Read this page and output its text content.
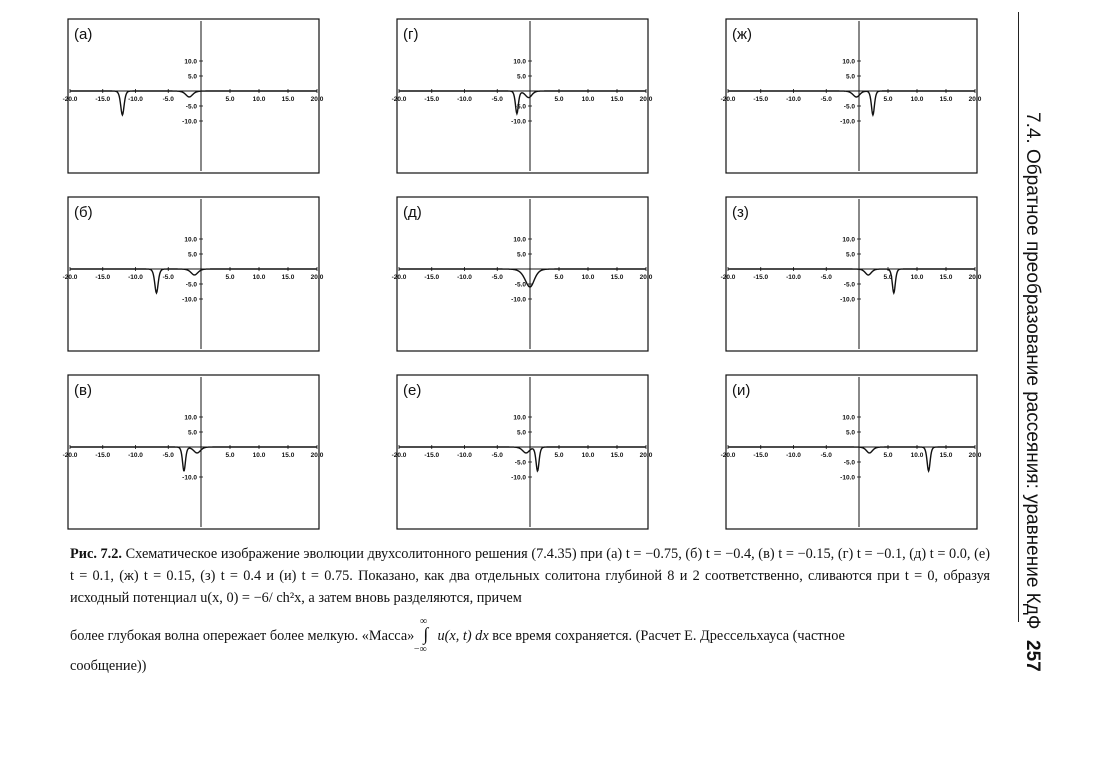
(а)
-20.0	-15.0	-10.0	-5.0	5.0	10.0	15.0	20.0
10.0
5.0
-5.0
-10.0
(г)
-20.0	-15.0	-10.0	-5.0	5.0	10.0	15.0	20.0
10.0
5.0
-5.0
-10.0
(ж)
-20.0	-15.0	-10.0	-5.0	5.0	10.0	15.0	20.0
10.0
5.0
-5.0
-10.0
(б)
-20.0	-15.0	-10.0	-5.0	5.0	10.0	15.0	20.0
10.0
5.0
-5.0
-10.0
(д)
-20.0	-15.0	-10.0	-5.0	5.0	10.0	15.0	20.0
10.0
5.0
-5.0
-10.0
(з)
-20.0	-15.0	-10.0	-5.0	5.0	10.0	15.0	20.0
10.0
5.0
-5.0
-10.0
(в)
-20.0	-15.0	-10.0	-5.0	5.0	10.0	15.0	20.0
10.0
5.0
-10.0
(е)
-20.0	-15.0	-10.0	-5.0	5.0	10.0	15.0	20.0
10.0
5.0
-5.0
-10.0
(и)
-20.0	-15.0	-10.0	-5.0	5.0	10.0	15.0	20.0
10.0
5.0
-5.0
-10.0

Рис. 7.2. Схематическое изображение эволюции двухсолитонного решения (7.4.35) при (а) t = −0.75, (б) t = −0.4, (в) t = −0.15, (г) t = −0.1, (д) t = 0.0, (е) t = 0.1, (ж) t = 0.15, (з) t = 0.4 и (и) t = 0.75. Показано, как два отдельных солитона глубиной 8 и 2 соответственно, сливаются при t = 0, образуя исходный потенциал u(x, 0) = −6/ ch²x, а затем вновь разделяются, причем

более глубокая волна опережает более мелкую. «Масса»
∞
∫
−∞
u(x, t) dx все время сохраняется. (Расчет Е. Дрессельхауса (частное

сообщение))

7.4. Обратное преобразование рассеяния: уравнение КдФ
257
